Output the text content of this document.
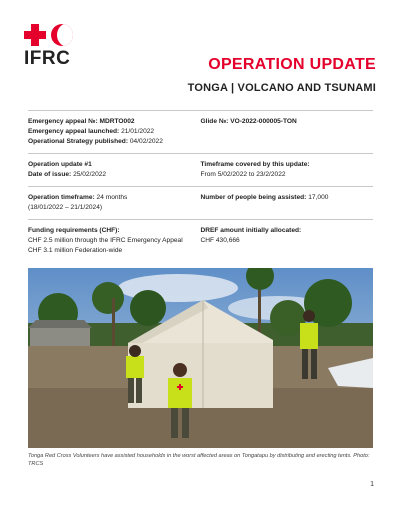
IFRC	OPERATION UPDATE
TONGA | VOLCANO AND TSUNAMI
Emergency appeal №: MDRTO002
Emergency appeal launched: 21/01/2022
Operational Strategy published: 04/02/2022
Glide №: VO-2022-000005-TON
Operation update #1
Date of issue: 25/02/2022
Timeframe covered by this update:
From 5/02/2022 to 23/2/2022
Operation timeframe: 24 months
(18/01/2022 – 21/1/2024)
Number of people being assisted: 17,000
Funding requirements (CHF):
CHF 2.5 million through the IFRC Emergency Appeal
CHF 3.1 million Federation-wide
DREF amount initially allocated:
CHF 430,666
Tonga Red Cross Volunteers have assisted households in the worst affected areas on Tongatapu by distributing and erecting tents. Photo: TRCS
1
